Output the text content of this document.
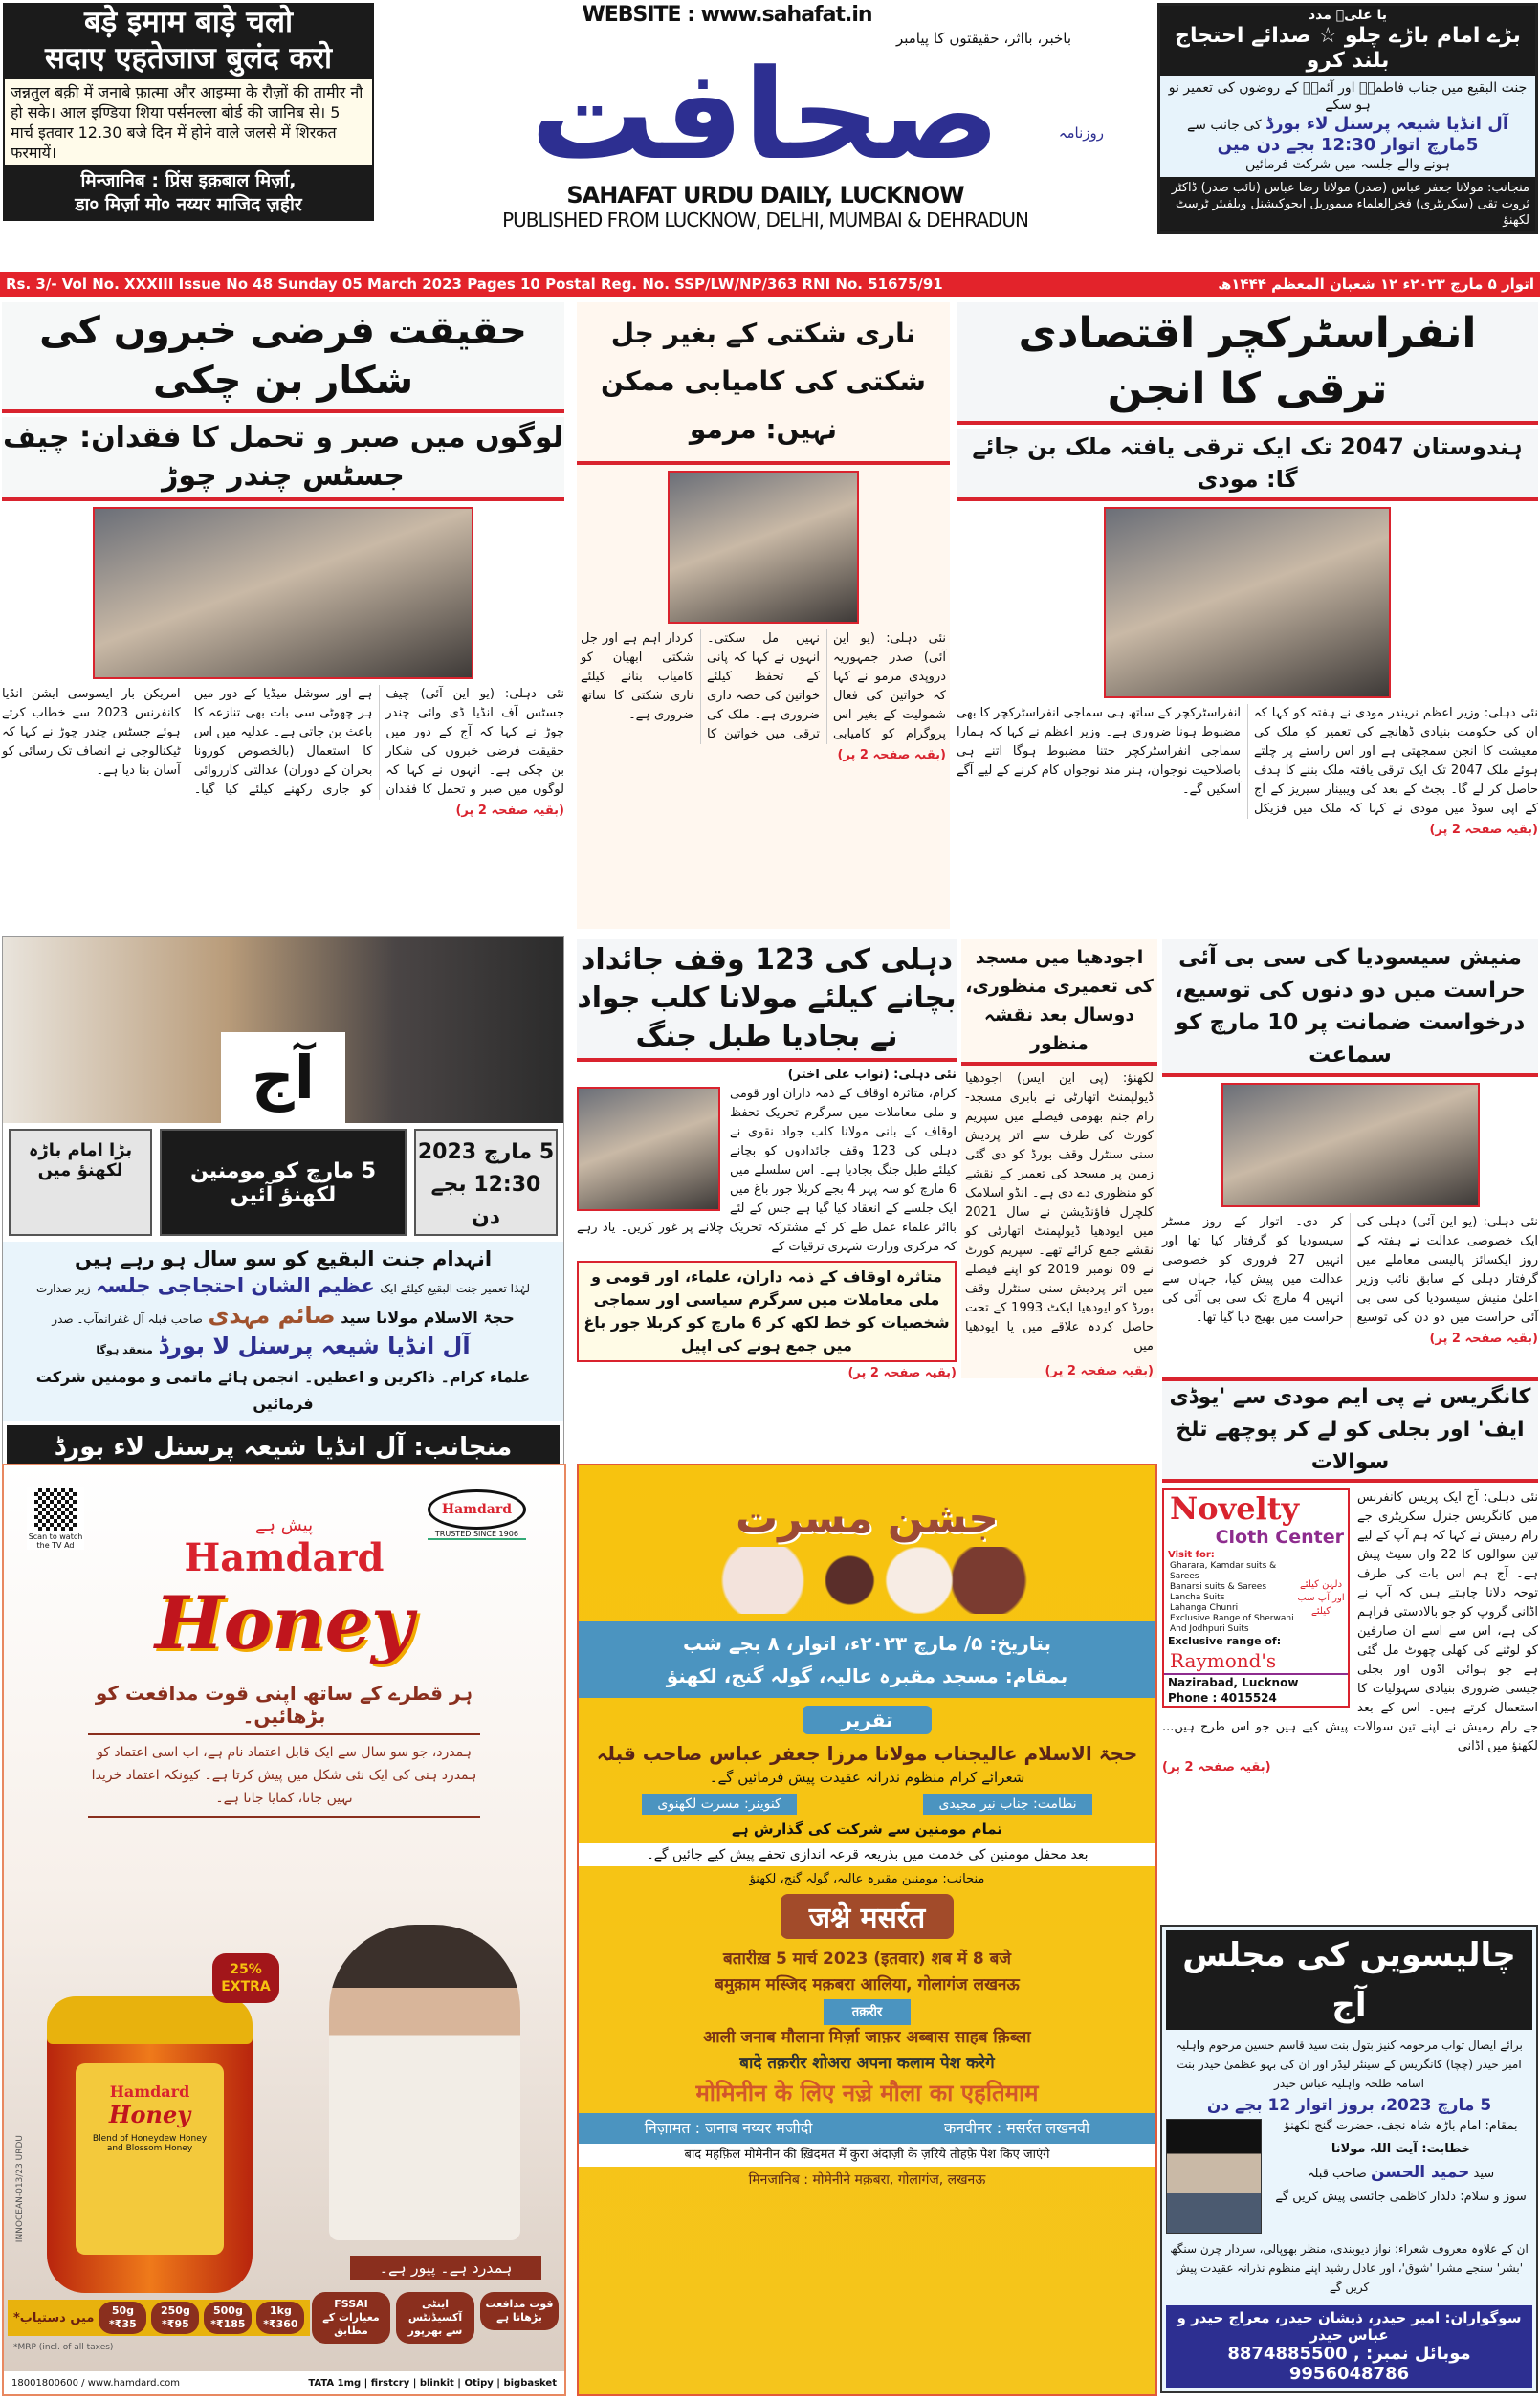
बड़े इमाम बाड़े चलो
सदाए एहतेजाज बुलंद करो
जन्नतुल बक़ी में जनाबे फ़ात्मा और आइम्मा के रौज़ों की तामीर नौ हो सके। आल इण्डिया शिया पर्सनल्ला बोर्ड की जानिब से। 5 मार्च इतवार 12.30 बजे दिन में होने वाले जलसे में शिरकत फरमायें।
मिन्जानिब : प्रिंस इक़बाल मिर्ज़ा,
डा० मिर्ज़ा मो० नय्यर माजिद ज़हीर
WEBSITE : www.sahafat.in
باخبر، بااثر، حقیقتوں کا پیامبر
روزنامہ
صحافت
SAHAFAT URDU DAILY, LUCKNOW
PUBLISHED FROM LUCKNOW, DELHI, MUMBAI & DEHRADUN
یا علیؑ مدد
بڑے امام باڑے چلو ☆ صدائے احتجاج بلند کرو
جنت البقیع میں جناب فاطمہؑ اور آئمہؑ کے روضوں کی تعمیر نو ہو سکے
آل انڈیا شیعہ پرسنل لاء بورڈ کی جانب سے
5مارچ اتوار 12:30 بجے دن میں
ہونے والے جلسہ میں شرکت فرمائیں
منجانب: مولانا جعفر عباس (صدر) مولانا رضا عباس (نائب صدر) ڈاکٹر ثروت تقی (سکریٹری) فخرالعلماء میموریل ایجوکیشنل ویلفیئر ٹرسٹ لکھنؤ
Rs. 3/- Vol No. XXXIII Issue No 48 Sunday 05 March 2023 Pages 10 Postal Reg. No. SSP/LW/NP/363 RNI No. 51675/91	اتوار ۵ مارچ ۲۰۲۳ء ۱۲ شعبان المعظم ۱۴۴۴ھ
حقیقت فرضی خبروں کی شکار بن چکی
لوگوں میں صبر و تحمل کا فقدان: چیف جسٹس چندر چوڑ
نئی دہلی: (یو این آئی) چیف جسٹس آف انڈیا ڈی وائی چندر چوڑ نے کہا کہ آج کے دور میں حقیقت فرضی خبروں کی شکار بن چکی ہے۔ انہوں نے کہا کہ لوگوں میں صبر و تحمل کا فقدان ہے اور سوشل میڈیا کے دور میں ہر چھوٹی سی بات بھی تنازعہ کا باعث بن جاتی ہے۔ عدلیہ میں اس کا استعمال (بالخصوص کورونا بحران کے دوران) عدالتی کارروائی کو جاری رکھنے کیلئے کیا گیا۔ امریکن بار ایسوسی ایشن انڈیا کانفرنس 2023 سے خطاب کرتے ہوئے جسٹس چندر چوڑ نے کہا کہ ٹیکنالوجی نے انصاف تک رسائی کو آسان بنا دیا ہے۔
(بقیہ صفحہ 2 پر)
ناری شکتی کے بغیر جل شکتی کی کامیابی ممکن نہیں: مرمو
نئی دہلی: (یو این آئی) صدر جمہوریہ دروپدی مرمو نے کہا کہ خواتین کی فعال شمولیت کے بغیر اس پروگرام کو کامیابی نہیں مل سکتی۔ انہوں نے کہا کہ پانی کے تحفظ کیلئے خواتین کی حصہ داری ضروری ہے۔ ملک کی ترقی میں خواتین کا کردار اہم ہے اور جل شکتی ابھیان کو کامیاب بنانے کیلئے ناری شکتی کا ساتھ ضروری ہے۔
(بقیہ صفحہ 2 پر)
انفراسٹرکچر اقتصادی ترقی کا انجن
ہندوستان 2047 تک ایک ترقی یافتہ ملک بن جائے گا: مودی
نئی دہلی: وزیر اعظم نریندر مودی نے ہفتہ کو کہا کہ ان کی حکومت بنیادی ڈھانچے کی تعمیر کو ملک کی معیشت کا انجن سمجھتی ہے اور اس راستے پر چلتے ہوئے ملک 2047 تک ایک ترقی یافتہ ملک بننے کا ہدف حاصل کر لے گا۔ بجٹ کے بعد کی ویبینار سیریز کے آج کے اپی سوڈ میں مودی نے کہا کہ ملک میں فزیکل انفراسٹرکچر کے ساتھ ہی سماجی انفراسٹرکچر کا بھی مضبوط ہونا ضروری ہے۔ وزیر اعظم نے کہا کہ ہمارا سماجی انفراسٹرکچر جتنا مضبوط ہوگا اتنے ہی باصلاحیت نوجوان، ہنر مند نوجوان کام کرنے کے لیے آگے آسکیں گے۔
(بقیہ صفحہ 2 پر)
آج
بڑا امام باڑہ لکھنؤ میں	5 مارچ کو مومنین لکھنؤ آئیں
5 مارچ 2023
12:30 بجے دن
انہدام جنت البقیع کو سو سال ہو رہے ہیں
لہٰذا تعمیر جنت البقیع کیلئے ایک عظیم الشان احتجاجی جلسہ زیر صدارت
حجۃ الاسلام مولانا سید صائم مہدی صاحب قبلہ آل غفرانمآب۔ صدر
آل انڈیا شیعہ پرسنل لا بورڈ منعقد ہوگا
علماء کرام۔ ذاکرین و اعظین۔ انجمن ہائے ماتمی و مومنین شرکت فرمائیں
منجانب: آل انڈیا شیعہ پرسنل لاء بورڈ
دہلی کی 123 وقف جائداد بچانے کیلئے مولانا کلب جواد نے بجادیا طبل جنگ
نئی دہلی: (نواب علی اختر)
کرام، متاثرہ اوقاف کے ذمہ داران اور قومی و ملی معاملات میں سرگرم تحریک تحفظ اوقاف کے بانی مولانا کلب جواد نقوی نے دہلی کی 123 وقف جائدادوں کو بچانے کیلئے طبل جنگ بجادیا ہے۔ اس سلسلے میں 6 مارچ کو سہ پہر 4 بجے کربلا جور باغ میں ایک جلسے کے انعقاد کیا گیا ہے جس کے لئے بااثر علماء عمل طے کر کے مشترکہ تحریک چلانے پر غور کریں۔ یاد رہے کہ مرکزی وزارت شہری ترقیات کے
متاثرہ اوقاف کے ذمہ داران، علماء، اور قومی و ملی معاملات میں سرگرم سیاسی اور سماجی شخصیات کو خط لکھ کر 6 مارچ کو کربلا جور باغ میں جمع ہونے کی اپیل
(بقیہ صفحہ 2 پر)
اجودھیا میں مسجد کی تعمیری منظوری، دوسال بعد نقشہ منظور
لکھنؤ: (پی این ایس) اجودھیا ڈیولپمنٹ اتھارٹی نے بابری مسجد-رام جنم بھومی فیصلے میں سپریم کورٹ کی طرف سے اتر پردیش سنی سنٹرل وقف بورڈ کو دی گئی زمین پر مسجد کی تعمیر کے نقشے کو منظوری دے دی ہے۔ انڈو اسلامک کلچرل فاؤنڈیشن نے سال 2021 میں ایودھیا ڈیولپمنٹ اتھارٹی کو نقشے جمع کرائے تھے۔ سپریم کورٹ نے 09 نومبر 2019 کو اپنے فیصلے میں اتر پردیش سنی سنٹرل وقف بورڈ کو ایودھیا ایکٹ 1993 کے تحت حاصل کردہ علاقے میں یا ایودھیا میں
(بقیہ صفحہ 2 پر)
منیش سیسودیا کی سی بی آئی حراست میں دو دنوں کی توسیع، درخواست ضمانت پر 10 مارچ کو سماعت
نئی دہلی: (یو این آئی) دہلی کی ایک خصوصی عدالت نے ہفتہ کے روز ایکسائز پالیسی معاملے میں گرفتار دہلی کے سابق نائب وزیر اعلیٰ منیش سیسودیا کی سی بی آئی حراست میں دو دن کی توسیع کر دی۔ اتوار کے روز مسٹر سیسودیا کو گرفتار کیا تھا اور انہیں 27 فروری کو خصوصی عدالت میں پیش کیا، جہاں سے انہیں 4 مارچ تک سی بی آئی کی حراست میں بھیج دیا گیا تھا۔
(بقیہ صفحہ 2 پر)
Scan to watch the TV Ad
Hamdard
TRUSTED SINCE 1906
پیش ہے
Hamdard
Honey
ہر قطرے کے ساتھ اپنی قوت مدافعت کو بڑھائیں۔
ہمدرد، جو سو سال سے ایک قابل اعتماد نام ہے، اب اسی اعتماد کو ہمدرد ہنی کی ایک نئی شکل میں پیش کرتا ہے۔ کیونکہ اعتماد خریدا نہیں جاتا، کمایا جاتا ہے۔
Hamdard
Honey
Blend of Honeydew Honey and Blossom Honey
25% EXTRA
INNOCEAN-013/23 URDU
ہمدرد ہے۔ پیور ہے۔
قوت مدافعت بڑھاتا ہے
اینٹی آکسیڈنٹس سے بھرپور
FSSAI معیارات کے مطابق
میں دستیاب*	50g
₹35*
250g
₹95*
500g
₹185*
1kg
₹360*
*MRP (incl. of all taxes)
18001800600 / www.hamdard.com	TATA 1mg | firstcry | blinkit | Otipy | bigbasket
جشن مسرت
بتاریخ: ۵/ مارچ ۲۰۲۳ء، اتوار، ۸ بجے شب
بمقام: مسجد مقبرہ عالیہ، گولہ گنج، لکھنؤ
تقریر
حجۃ الاسلام عالیجناب مولانا مرزا جعفر عباس صاحب قبلہ
شعرائے کرام منظوم نذرانہ عقیدت پیش فرمائیں گے۔
نظامت: جناب نیر مجیدی
کنوینر: مسرت لکھنوی
تمام مومنین سے شرکت کی گذارش ہے
بعد محفل مومنین کی خدمت میں بذریعہ قرعہ اندازی تحفے پیش کیے جائیں گے۔
منجانب: مومنین مقبرہ عالیہ، گولہ گنج، لکھنؤ
जश्ने मसर्रत
बतारीख़ 5 मार्च 2023 (इतवार) शब में 8 बजे
बमुक़ाम मस्जिद मक़बरा आलिया, गोलागंज लखनऊ
तक़रीर
आली जनाब मौलाना मिर्ज़ा जाफ़र अब्बास साहब क़िब्ला
बादे तक़रीर शोअरा अपना कलाम पेश करेगे
मोमिनीन के लिए नज़्रे मौला का एहतिमाम
निज़ामत : जनाब नय्यर मजीदी	कनवीनर : मसर्रत लखनवी
बाद महफ़िल मोमेनीन की ख़िदमत में कुरा अंदाज़ी के ज़रिये तोहफ़े पेश किए जाएंगे
मिनजानिब : मोमेनीने मक़बरा, गोलागंज, लखनऊ
کانگریس نے پی ایم مودی سے 'یوڈی ایف' اور بجلی کو لے کر پوچھے تلخ سوالات
Novelty
Cloth Center
Visit for:
Gharara, Kamdar suits & Sarees
Banarsi suits & Sarees
Lancha Suits
Lahanga Chunri
Exclusive Range of Sherwani
And Jodhpuri Suits
دلہن کیلئے اور آپ سب کیلئے
Exclusive range of:
Raymond's
Nazirabad, Lucknow
Phone : 4015524
نئی دہلی: آج ایک پریس کانفرنس میں کانگریس جنرل سکریٹری جے رام رمیش نے کہا کہ ہم آپ کے لیے تین سوالوں کا 22 واں سیٹ پیش ہے۔ آج ہم اس بات کی طرف توجہ دلانا چاہتے ہیں کہ آپ نے اڈانی گروپ کو جو بالادستی فراہم کی ہے، اس سے اسے ان صارفین کو لوٹنے کی کھلی چھوٹ مل گئی ہے جو ہوائی اڈوں اور بجلی جیسی ضروری بنیادی سہولیات کا استعمال کرتے ہیں۔ اس کے بعد جے رام رمیش نے اپنے تین سوالات پیش کیے ہیں جو اس طرح ہیں... لکھنؤ میں اڈانی
(بقیہ صفحہ 2 پر)
چالیسویں کی مجلس آج
برائے ایصال ثواب مرحومہ کنیز بتول بنت سید قاسم حسین مرحوم واہلیہ امیر حیدر (چچا) کانگریس کے سینئر لیڈر اور ان کی بہو عظمیٰ حیدر بنت اسامہ طلحہ واہلیہ عباس حیدر
5 مارچ 2023، بروز اتوار 12 بجے دن
بمقام: امام باڑہ شاہ نجف، حضرت گنج لکھنؤ
خطابت: آیت اللہ مولانا
سید حمید الحسن صاحب قبلہ
سوز و سلام: دلدار کاظمی جائسی پیش کریں گے
ان کے علاوہ معروف شعراء: نواز دیوبندی، منظر بھوپالی، سردار چرن سنگھ 'بشر' سنجے مشرا 'شوق'، اور عادل رشید اپنے منظوم نذرانہ عقیدت پیش کریں گے
سوگواران: امیر حیدر، ذیشان حیدر، معراج حیدر و عباس حیدر
موبائل نمبر: 8874885500 , 9956048786
